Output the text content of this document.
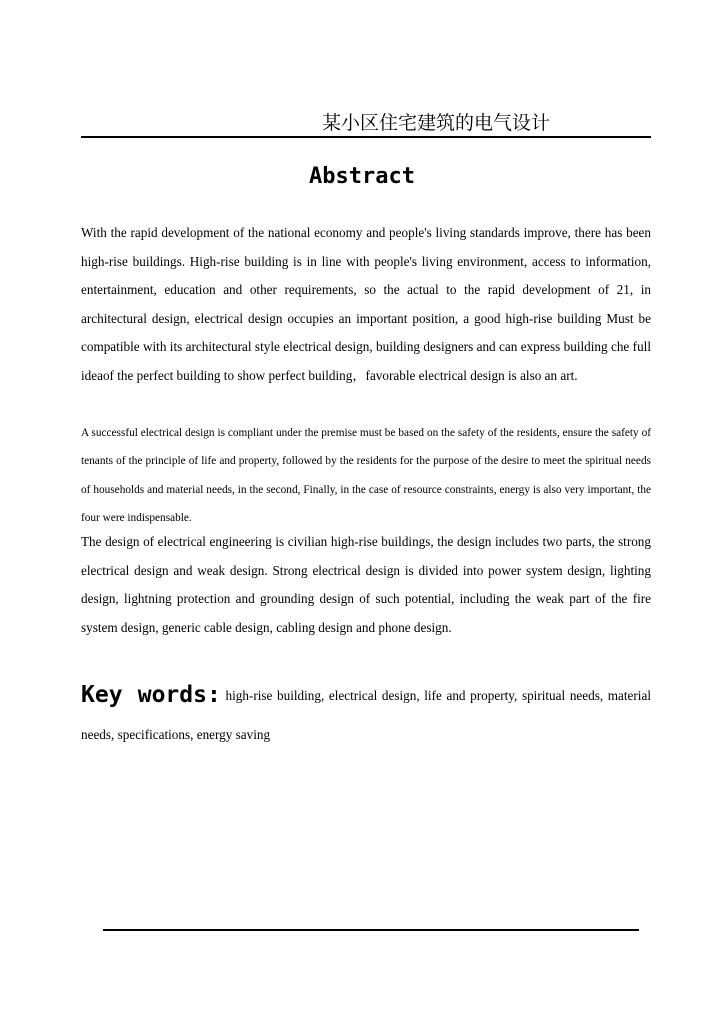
某小区住宅建筑的电气设计
Abstract

With the rapid development of the national economy and people's living standards improve, there has been high-rise buildings. High-rise building is in line with people's living environment, access to information, entertainment, education and other requirements, so the actual to the rapid development of 21, in architectural design, electrical design occupies an important position, a good high-rise building Must be compatible with its architectural style electrical design, building designers and can express building che full ideaof the perfect building to show perfect building，favorable electrical design is also an art.

A successful electrical design is compliant under the premise must be based on the safety of the residents, ensure the safety of tenants of the principle of life and property, followed by the residents for the purpose of the desire to meet the spiritual needs of households and material needs, in the second, Finally, in the case of resource constraints, energy is also very important, the four were indispensable.

The design of electrical engineering is civilian high-rise buildings, the design includes two parts, the strong electrical design and weak design. Strong electrical design is divided into power system design, lighting design, lightning protection and grounding design of such potential, including the weak part of the fire system design, generic cable design, cabling design and phone design.

Key words: high-rise building, electrical design, life and property, spiritual needs, material needs, specifications, energy saving
